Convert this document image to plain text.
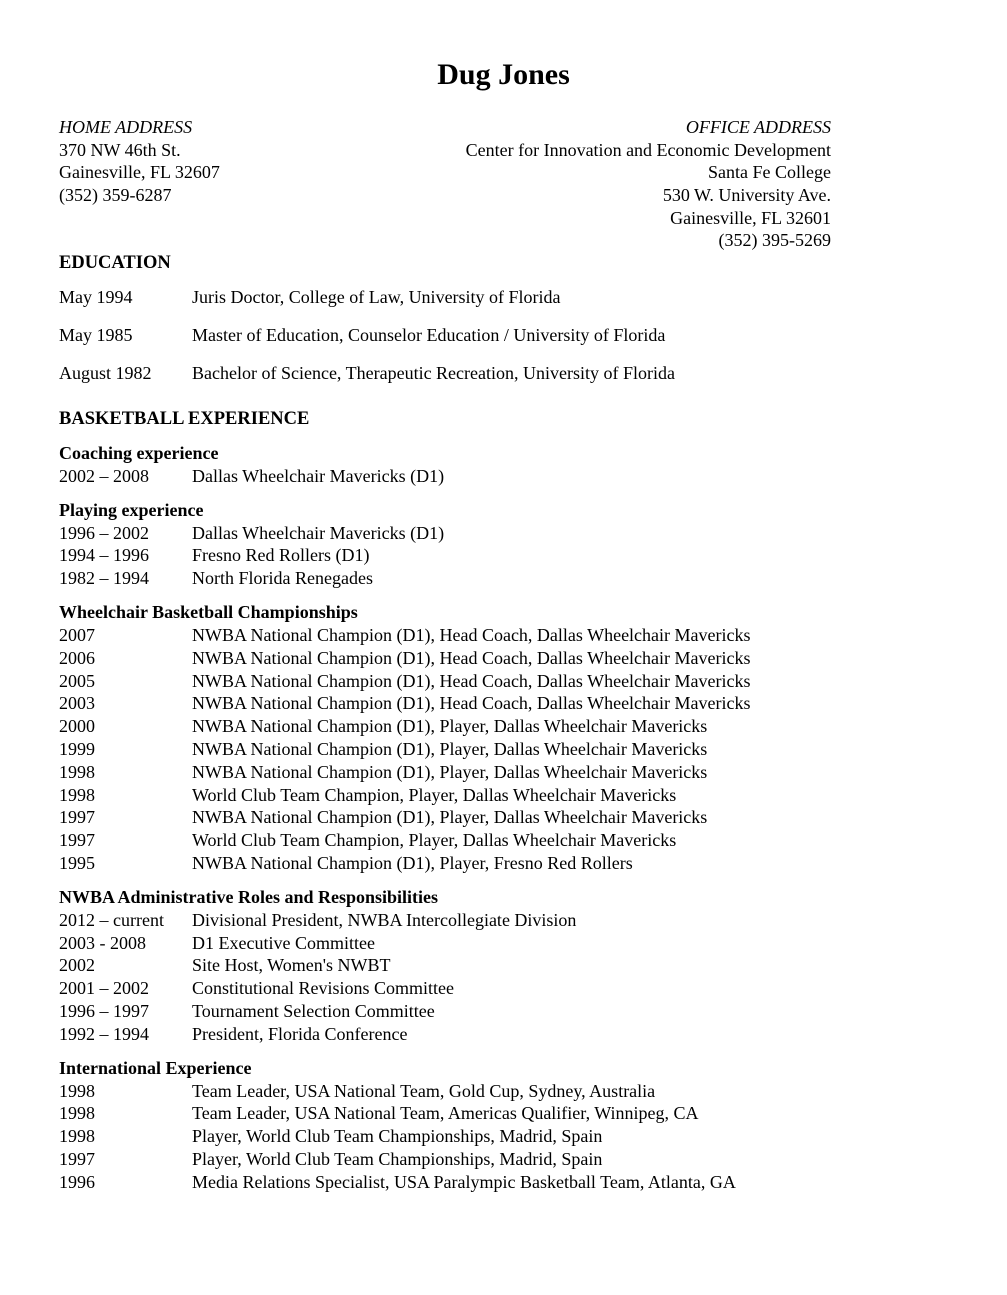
Dug Jones
HOME ADDRESS
370 NW 46th St.
Gainesville, FL 32607
(352) 359-6287
OFFICE ADDRESS
Center for Innovation and Economic Development
Santa Fe College
530 W. University Ave.
Gainesville, FL 32601
(352) 395-5269
EDUCATION
May 1994	Juris Doctor, College of Law, University of Florida
May 1985	Master of Education, Counselor Education / University of Florida
August 1982 Bachelor of Science, Therapeutic Recreation, University of Florida
BASKETBALL EXPERIENCE
Coaching experience
2002 – 2008 Dallas Wheelchair Mavericks (D1)
Playing experience
1996 – 2002 Dallas Wheelchair Mavericks (D1)
1994 – 1996 Fresno Red Rollers (D1)
1982 – 1994 North Florida Renegades
Wheelchair Basketball Championships
2007	NWBA National Champion (D1), Head Coach, Dallas Wheelchair Mavericks
2006	NWBA National Champion (D1), Head Coach, Dallas Wheelchair Mavericks
2005	NWBA National Champion (D1), Head Coach, Dallas Wheelchair Mavericks
2003	NWBA National Champion (D1), Head Coach, Dallas Wheelchair Mavericks
2000	NWBA National Champion (D1), Player, Dallas Wheelchair Mavericks
1999	NWBA National Champion (D1), Player, Dallas Wheelchair Mavericks
1998	NWBA National Champion (D1), Player, Dallas Wheelchair Mavericks
1998	World Club Team Champion, Player, Dallas Wheelchair Mavericks
1997	NWBA National Champion (D1), Player, Dallas Wheelchair Mavericks
1997	World Club Team Champion, Player, Dallas Wheelchair Mavericks
1995	NWBA National Champion (D1), Player, Fresno Red Rollers
NWBA Administrative Roles and Responsibilities
2012 – current Divisional President, NWBA Intercollegiate Division
2003 - 2008	D1 Executive Committee
2002	Site Host, Women's NWBT
2001 – 2002 Constitutional Revisions Committee
1996 – 1997 Tournament Selection Committee
1992 – 1994 President, Florida Conference
International Experience
1998	Team Leader, USA National Team, Gold Cup, Sydney, Australia
1998	Team Leader, USA National Team, Americas Qualifier, Winnipeg, CA
1998	Player, World Club Team Championships, Madrid, Spain
1997	Player, World Club Team Championships, Madrid, Spain
1996	Media Relations Specialist, USA Paralympic Basketball Team, Atlanta, GA
